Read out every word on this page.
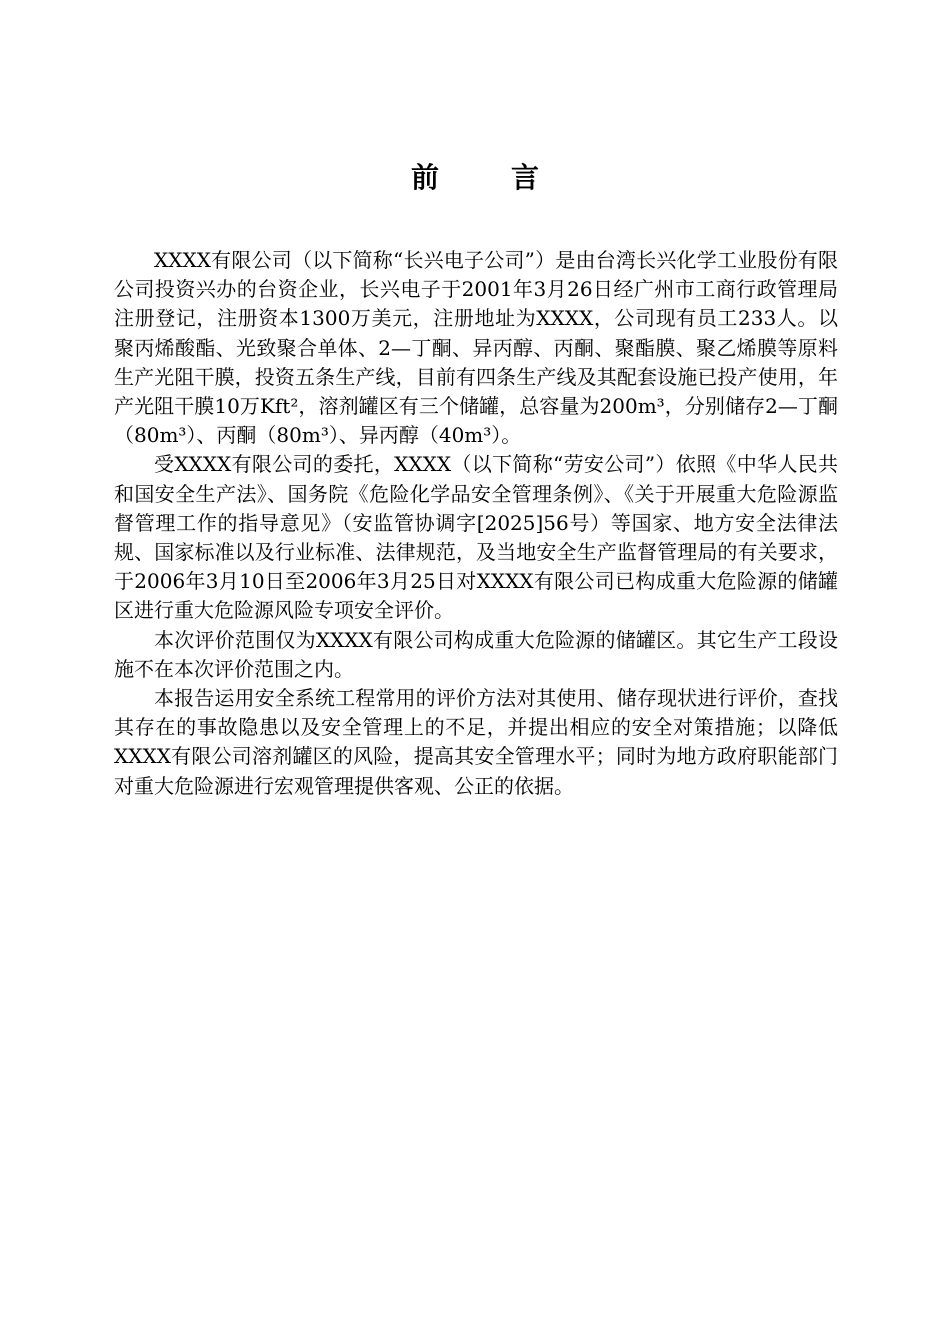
前　言

XXXX有限公司（以下简称“长兴电子公司”）是由台湾长兴化学工业股份有限公司投资兴办的台资企业，长兴电子于2001年3月26日经广州市工商行政管理局注册登记，注册资本1300万美元，注册地址为XXXX，公司现有员工233人。以聚丙烯酸酯、光致聚合单体、2—丁酮、异丙醇、丙酮、聚酯膜、聚乙烯膜等原料生产光阻干膜，投资五条生产线，目前有四条生产线及其配套设施已投产使用，年产光阻干膜10万Kft²，溶剂罐区有三个储罐，总容量为200m³，分别储存2—丁酮（80m³）、丙酮（80m³）、异丙醇（40m³）。

受XXXX有限公司的委托，XXXX（以下简称“劳安公司”）依照《中华人民共和国安全生产法》、国务院《危险化学品安全管理条例》、《关于开展重大危险源监督管理工作的指导意见》（安监管协调字[2025]56号）等国家、地方安全法律法规、国家标准以及行业标准、法律规范，及当地安全生产监督管理局的有关要求，于2006年3月10日至2006年3月25日对XXXX有限公司已构成重大危险源的储罐区进行重大危险源风险专项安全评价。

本次评价范围仅为XXXX有限公司构成重大危险源的储罐区。其它生产工段设施不在本次评价范围之内。

本报告运用安全系统工程常用的评价方法对其使用、储存现状进行评价，查找其存在的事故隐患以及安全管理上的不足，并提出相应的安全对策措施；以降低XXXX有限公司溶剂罐区的风险，提高其安全管理水平；同时为地方政府职能部门对重大危险源进行宏观管理提供客观、公正的依据。
